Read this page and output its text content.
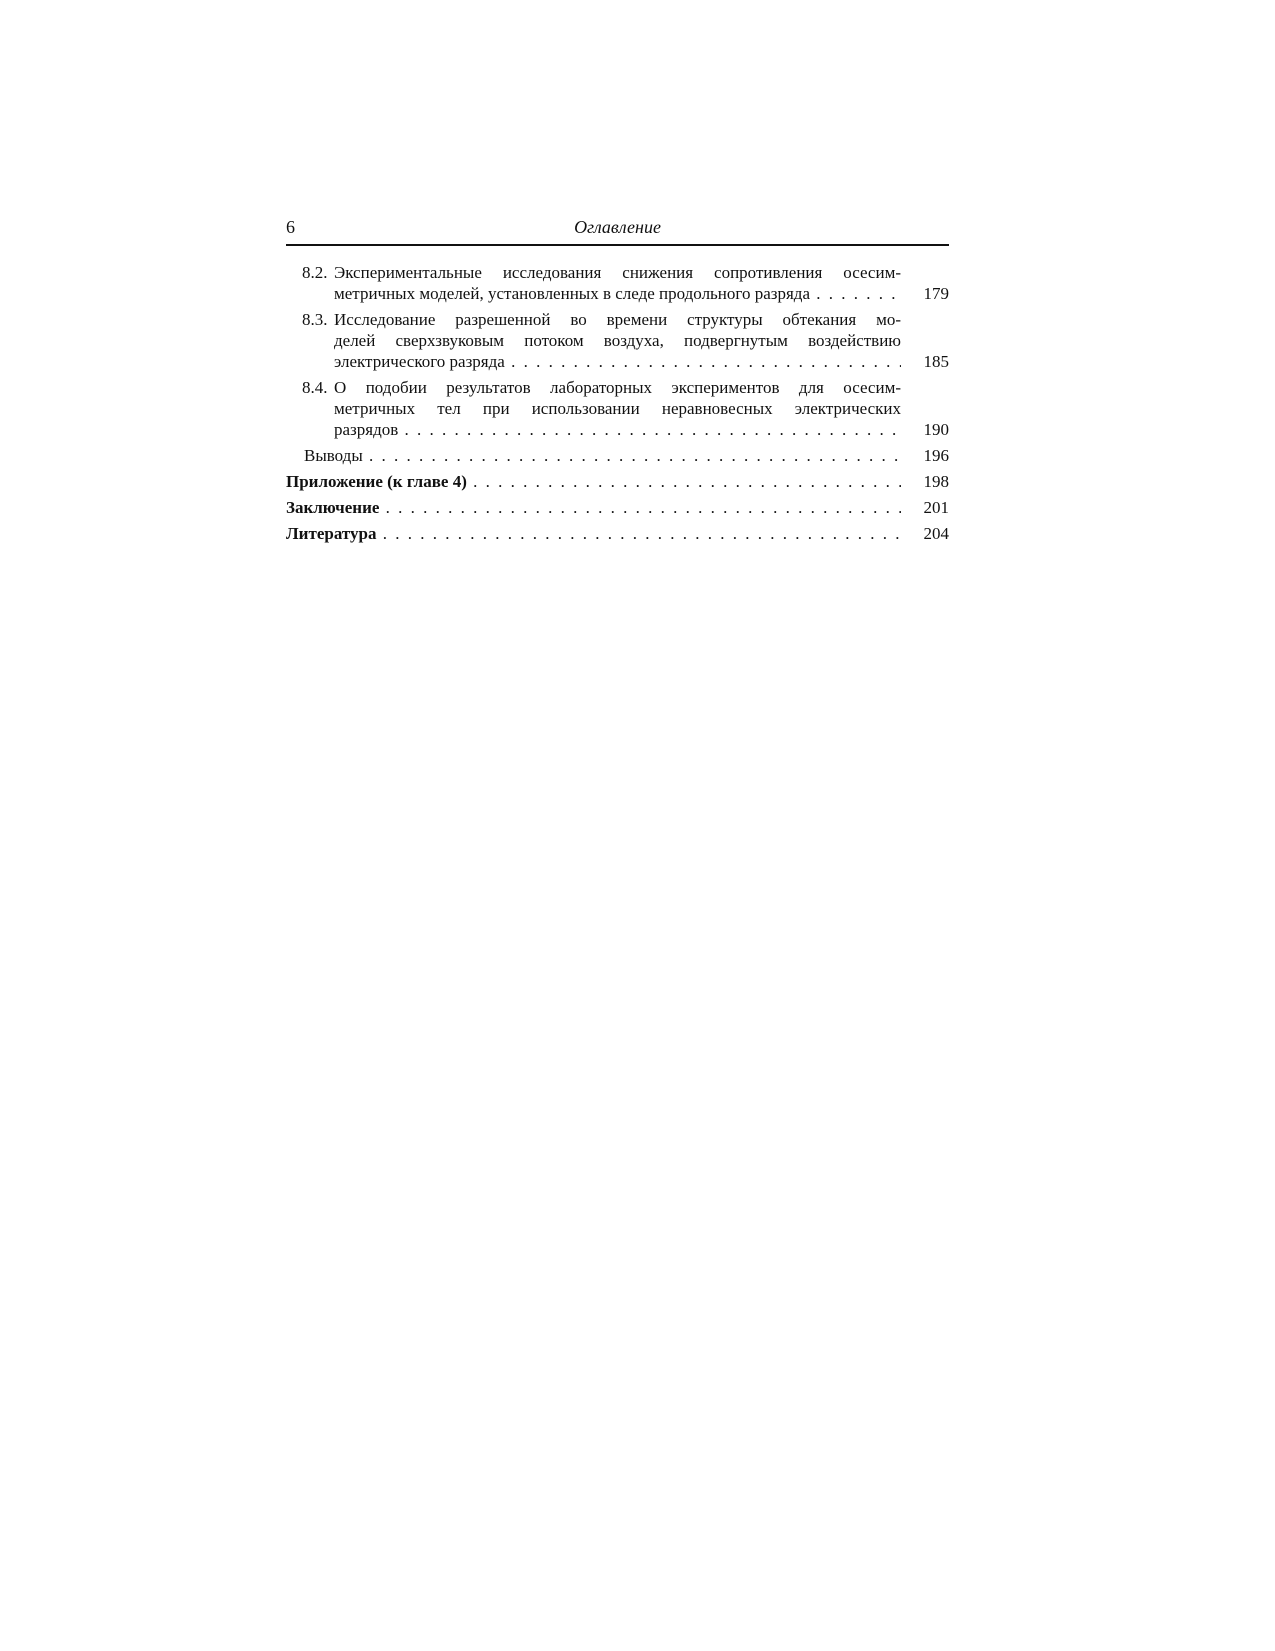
6	Оглавление
8.2. Экспериментальные исследования снижения сопротивления осесим-
метричных моделей, установленных в следе продольного разряда . . .	179
8.3. Исследование разрешенной во времени структуры обтекания мо-
делей сверхзвуковым потоком воздуха, подвергнутым воздействию
электрического разряда . . .	185
8.4. О подобии результатов лабораторных экспериментов для осесим-
метричных тел при использовании неравновесных электрических
разрядов . . .	190
Выводы . . .	196
Приложение (к главе 4) . . .	198
Заключение . . .	201
Литература . . .	204
